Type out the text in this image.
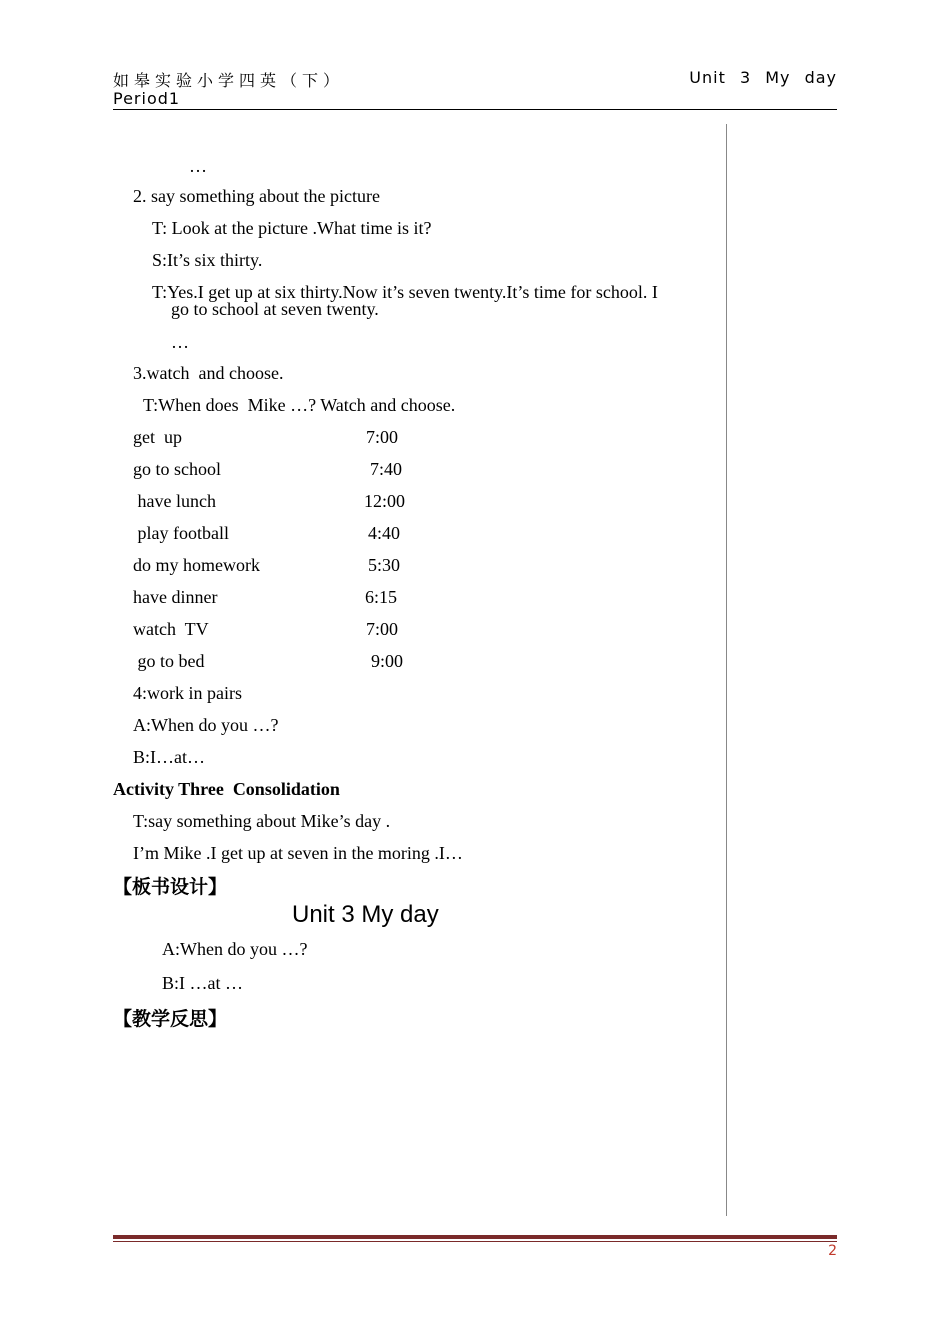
如皋实验小学四英（下）
Period1
Unit 3 My day
…
2. say something about the picture
T: Look at the picture .What time is it?
S:It’s six thirty.
T:Yes.I get up at six thirty.Now it’s seven twenty.It’s time for school. I
go to school at seven twenty.
…
3.watch  and choose.
T:When does  Mike …? Watch and choose.
get  up	7:00
go to school	7:40
have lunch	12:00
play football	4:40
do my homework	5:30
have dinner	6:15
watch  TV	7:00
go to bed	9:00
4:work in pairs
A:When do you …?
B:I…at…
Activity Three  Consolidation
T:say something about Mike’s day .
I’m Mike .I get up at seven in the moring .I…
【板书设计】
Unit 3 My day
A:When do you …?
B:I …at …
【教学反思】
2
